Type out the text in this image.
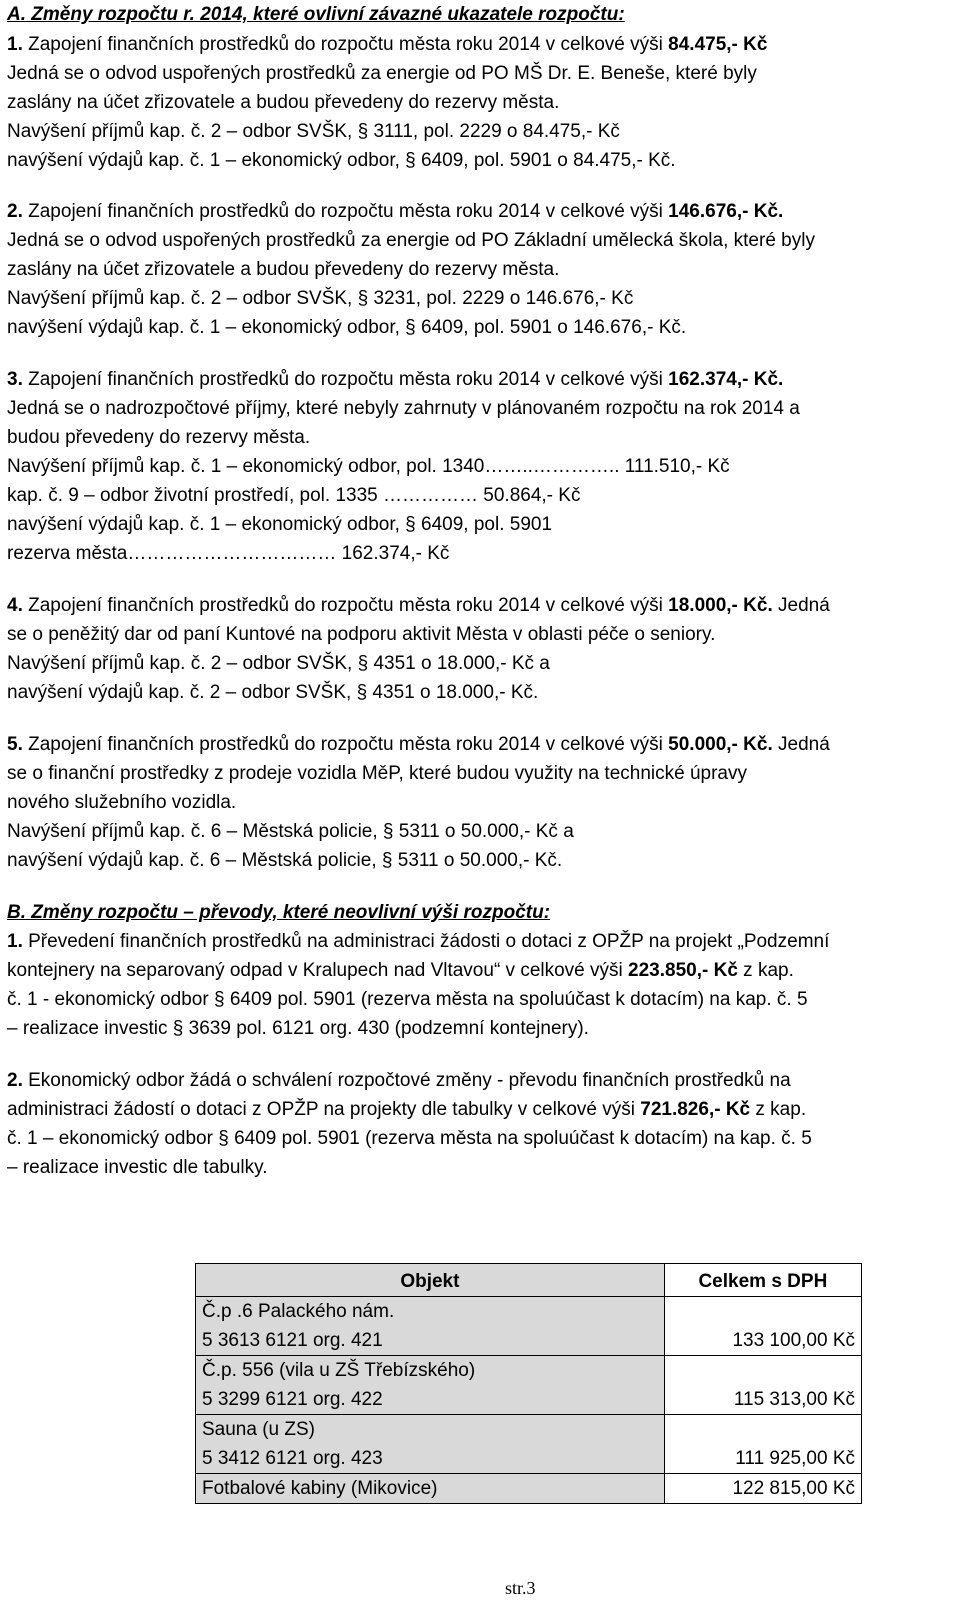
A. Změny rozpočtu r. 2014, které ovlivní závazné ukazatele rozpočtu:
1. Zapojení finančních prostředků do rozpočtu města roku 2014 v celkové výši 84.475,- Kč
Jedná se o odvod uspořených prostředků za energie od PO MŠ Dr. E. Beneše, které byly
zaslány na účet zřizovatele a budou převedeny do rezervy města.
Navýšení příjmů kap. č. 2 – odbor SVŠK, § 3111, pol. 2229 o 84.475,- Kč
navýšení výdajů kap. č. 1 – ekonomický odbor, § 6409, pol. 5901 o 84.475,- Kč.
2. Zapojení finančních prostředků do rozpočtu města roku 2014 v celkové výši 146.676,- Kč.
Jedná se o odvod uspořených prostředků za energie od PO Základní umělecká škola, které byly
zaslány na účet zřizovatele a budou převedeny do rezervy města.
Navýšení příjmů kap. č. 2 – odbor SVŠK, § 3231, pol. 2229 o 146.676,- Kč
navýšení výdajů kap. č. 1 – ekonomický odbor, § 6409, pol. 5901 o 146.676,- Kč.
3. Zapojení finančních prostředků do rozpočtu města roku 2014 v celkové výši 162.374,- Kč.
Jedná se o nadrozpočtové příjmy, které nebyly zahrnuty v plánovaném rozpočtu na rok 2014 a
budou převedeny do rezervy města.
Navýšení příjmů kap. č. 1 – ekonomický odbor, pol. 1340……..………….. 111.510,- Kč
kap. č. 9 – odbor životní prostředí, pol. 1335 …………… 50.864,- Kč
navýšení výdajů kap. č. 1 – ekonomický odbor, § 6409, pol. 5901
rezerva města…………………………… 162.374,- Kč
4. Zapojení finančních prostředků do rozpočtu města roku 2014 v celkové výši 18.000,- Kč. Jedná
se o peněžitý dar od paní Kuntové na podporu aktivit Města v oblasti péče o seniory.
Navýšení příjmů kap. č. 2 – odbor SVŠK, § 4351 o 18.000,- Kč a
navýšení výdajů kap. č. 2 – odbor SVŠK, § 4351 o 18.000,- Kč.
5. Zapojení finančních prostředků do rozpočtu města roku 2014 v celkové výši 50.000,- Kč. Jedná
se o finanční prostředky z prodeje vozidla MěP, které budou využity na technické úpravy
nového služebního vozidla.
Navýšení příjmů kap. č. 6 – Městská policie, § 5311 o 50.000,- Kč a
navýšení výdajů kap. č. 6 – Městská policie, § 5311 o 50.000,- Kč.
B. Změny rozpočtu – převody, které neovlivní výši rozpočtu:
1. Převedení finančních prostředků na administraci žádosti o dotaci z OPŽP na projekt „Podzemní
kontejnery na separovaný odpad v Kralupech nad Vltavou“ v celkové výši 223.850,- Kč z kap.
č. 1 - ekonomický odbor § 6409 pol. 5901 (rezerva města na spoluúčast k dotacím) na kap. č. 5
– realizace investic § 3639 pol. 6121 org. 430 (podzemní kontejnery).
2. Ekonomický odbor žádá o schválení rozpočtové změny - převodu finančních prostředků na
administraci žádostí o dotaci z OPŽP na projekty dle tabulky v celkové výši 721.826,- Kč z kap.
č. 1 – ekonomický odbor § 6409 pol. 5901 (rezerva města na spoluúčast k dotacím) na kap. č. 5
– realizace investic dle tabulky.
Objekt	Celkem s DPH

Č.p .6 Palackého nám.
5 3613 6121 org. 421	133 100,00 Kč

Č.p. 556 (vila u ZŠ Třebízského)
5 3299 6121 org. 422	115 313,00 Kč

Sauna (u ZS)
5 3412 6121 org. 423	111 925,00 Kč

Fotbalové kabiny (Mikovice)	122 815,00 Kč
str.3
